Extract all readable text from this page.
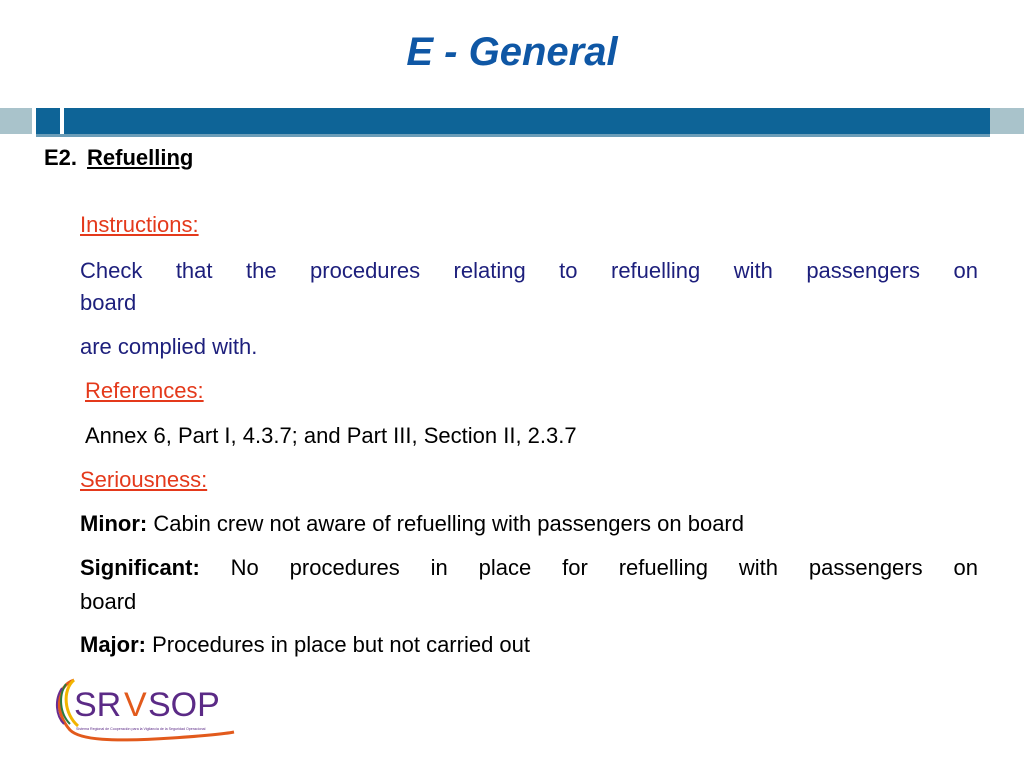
E - General
E2. Refuelling
Instructions:
Check that the procedures relating to refuelling with passengers on
board
are complied with.
References:
Annex 6, Part I, 4.3.7; and Part III, Section II, 2.3.7
Seriousness:
Minor: Cabin crew not aware of refuelling with passengers on board
Significant: No procedures in place for refuelling with passengers on
board
Major: Procedures in place but not carried out
SR V SOP
Sistema Regional de Cooperación para la Vigilancia de la Seguridad Operacional
